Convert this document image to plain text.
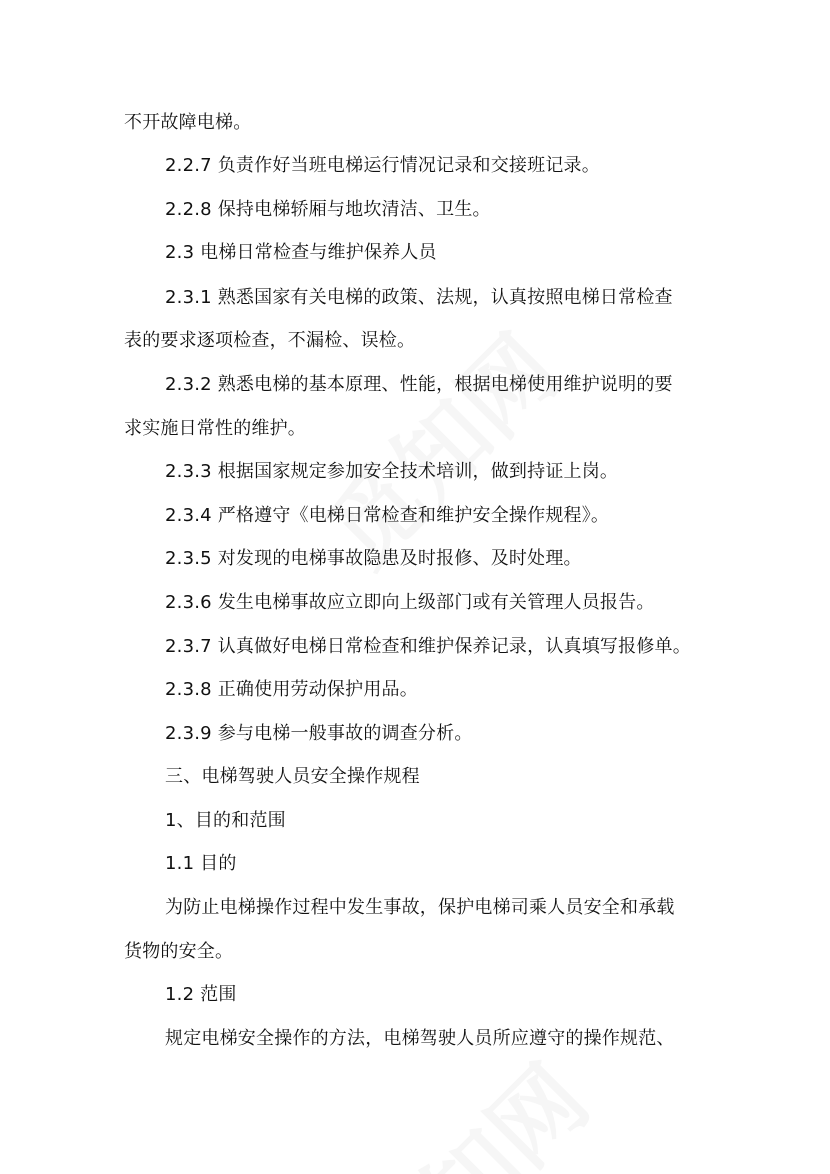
不开故障电梯。
2.2.7 负责作好当班电梯运行情况记录和交接班记录。
2.2.8 保持电梯轿厢与地坎清洁、卫生。
2.3 电梯日常检查与维护保养人员
2.3.1 熟悉国家有关电梯的政策、法规，认真按照电梯日常检查
表的要求逐项检查，不漏检、误检。
2.3.2 熟悉电梯的基本原理、性能，根据电梯使用维护说明的要
求实施日常性的维护。
2.3.3 根据国家规定参加安全技术培训，做到持证上岗。
2.3.4 严格遵守《电梯日常检查和维护安全操作规程》。
2.3.5 对发现的电梯事故隐患及时报修、及时处理。
2.3.6 发生电梯事故应立即向上级部门或有关管理人员报告。
2.3.7 认真做好电梯日常检查和维护保养记录，认真填写报修单。
2.3.8 正确使用劳动保护用品。
2.3.9 参与电梯一般事故的调查分析。
三、电梯驾驶人员安全操作规程
1、目的和范围
1.1 目的
为防止电梯操作过程中发生事故，保护电梯司乘人员安全和承载
货物的安全。
1.2 范围
规定电梯安全操作的方法，电梯驾驶人员所应遵守的操作规范、
